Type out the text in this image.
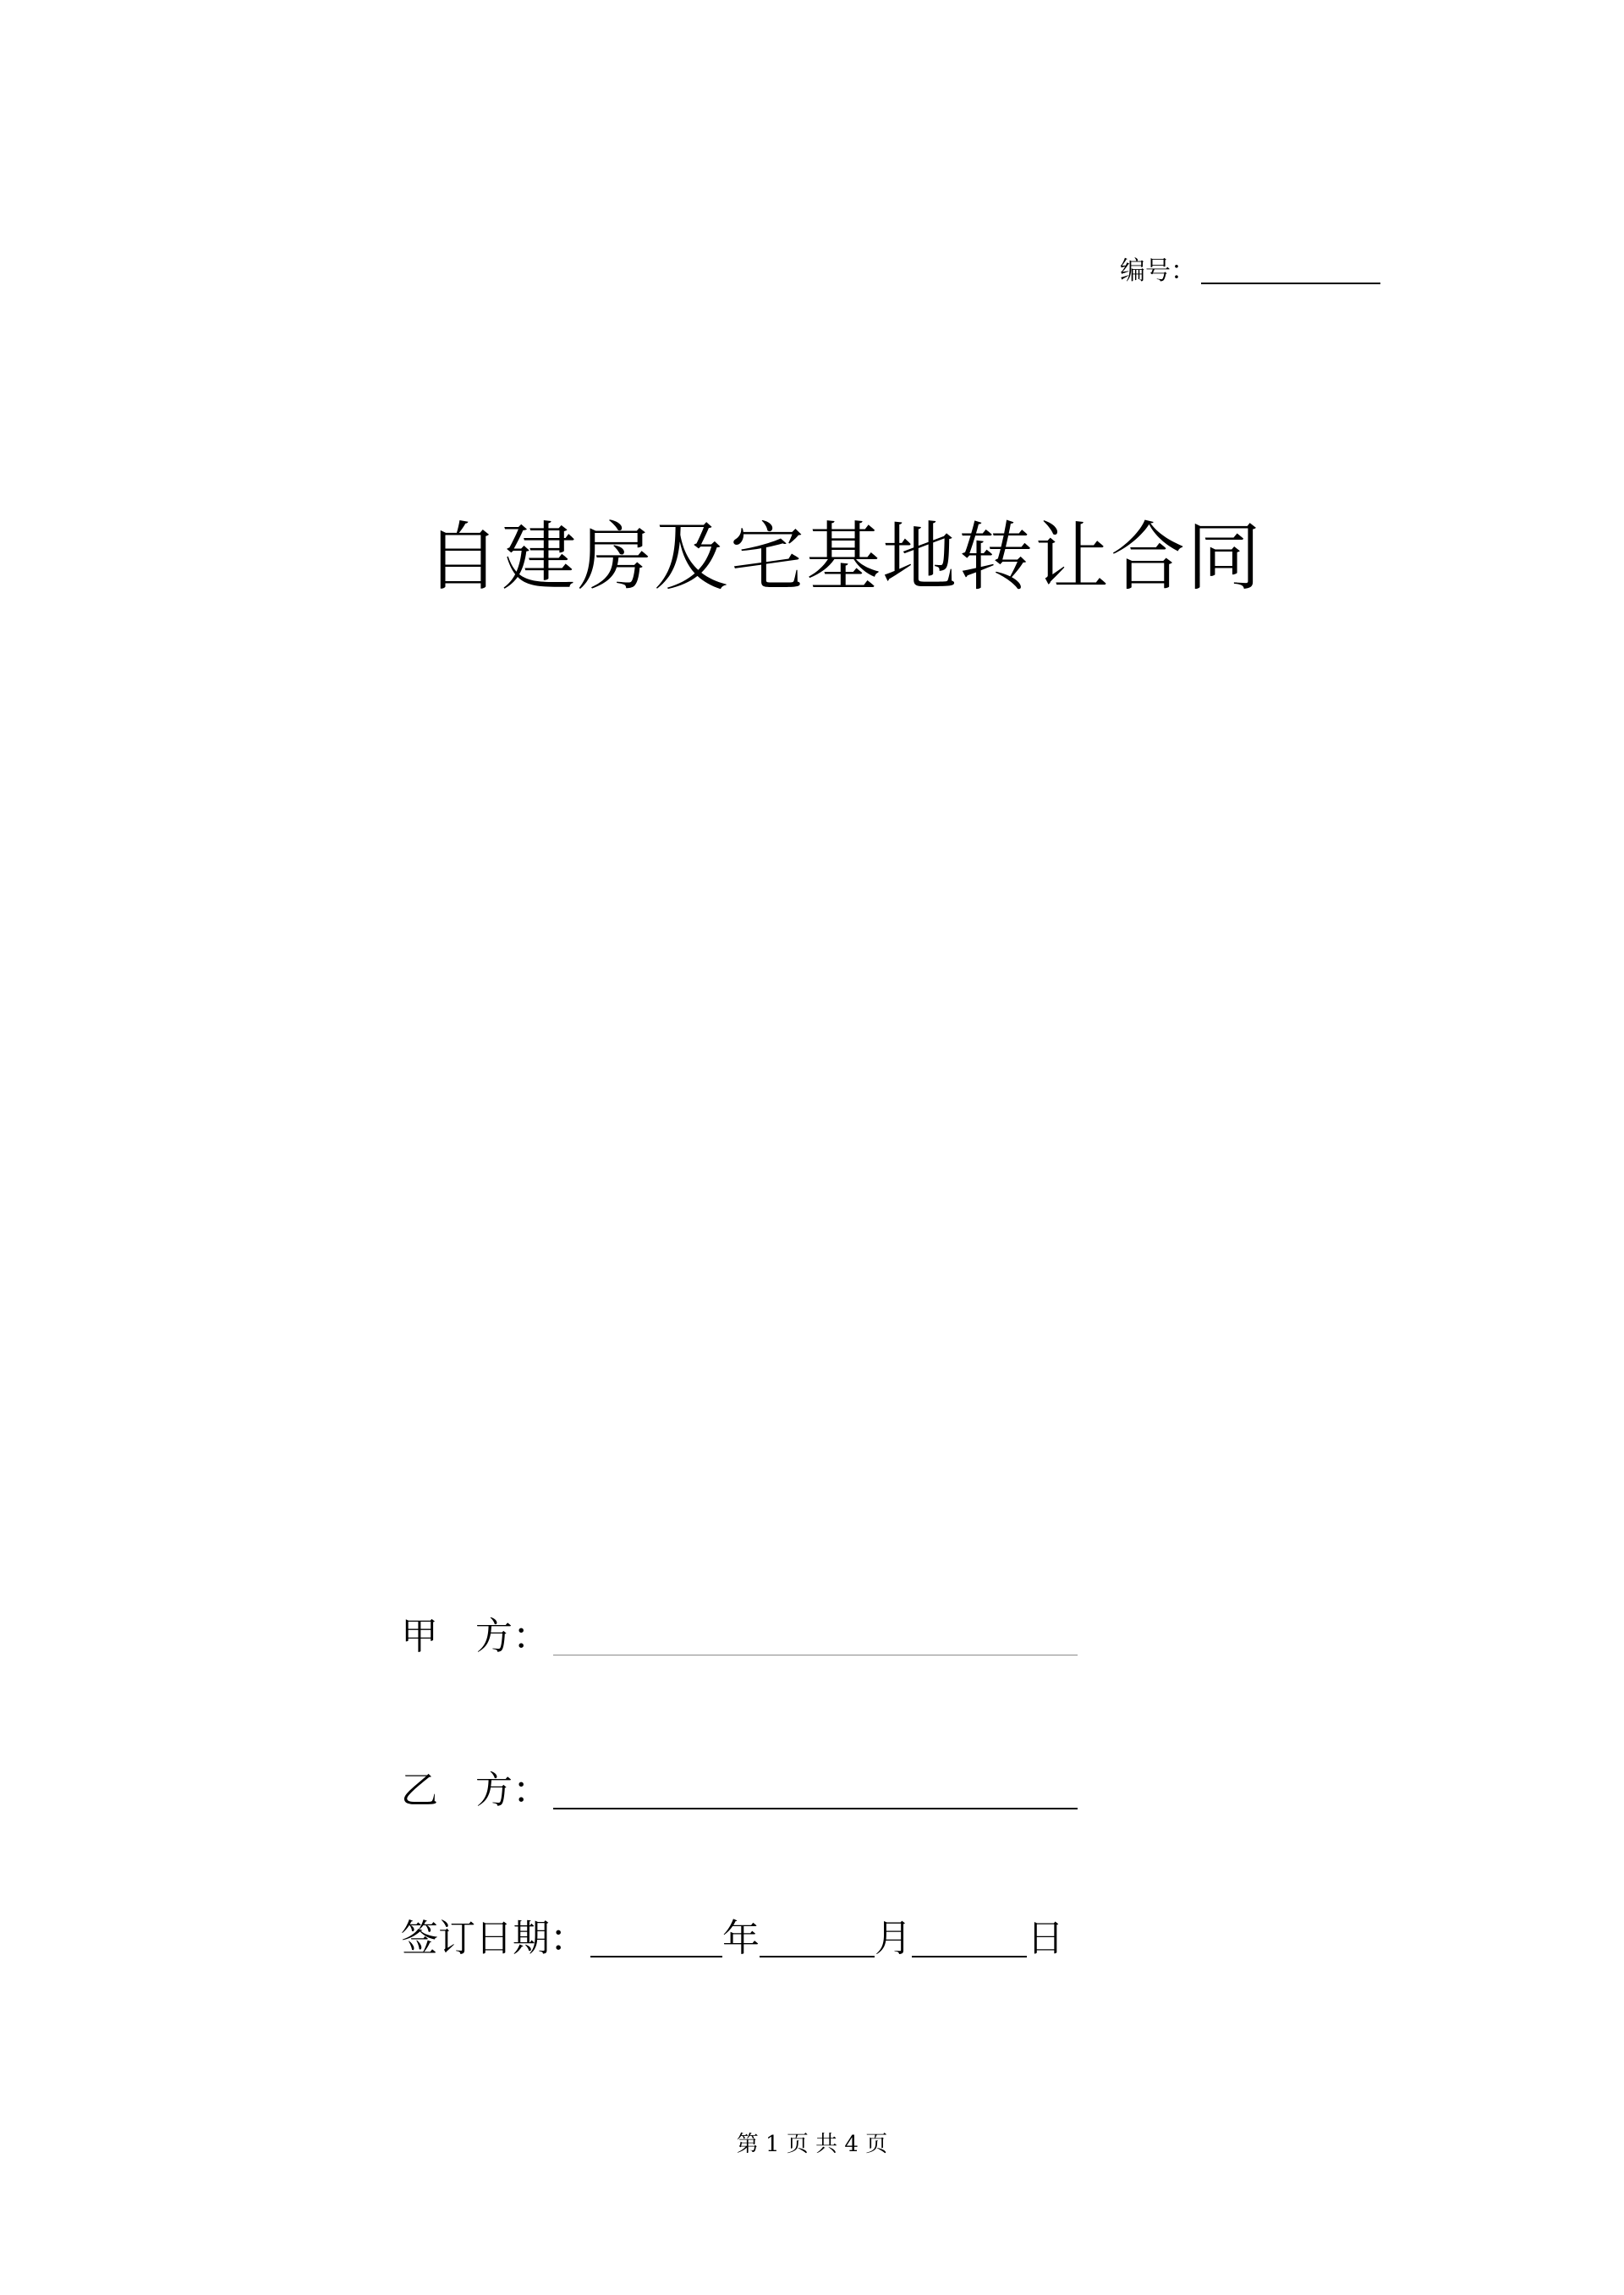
编号：
自建房及宅基地转让合同
甲 方：
乙 方：
签订日期：	年	月	日
第 1 页 共 4 页
